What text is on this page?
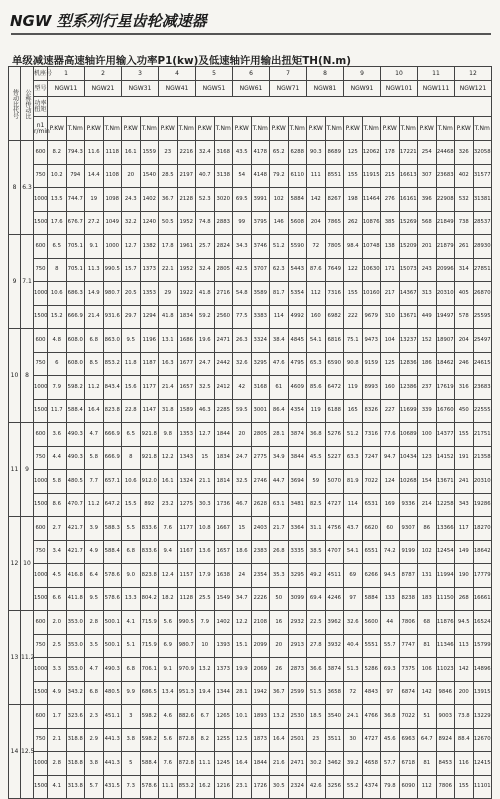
NGW 型系列行星齿轮减速器
单级减速器高速轴许用输入功率P1(kw)及低速轴许用输出扭矩TH(N.m)
传动比代号	公称传动比	机座号	1		2		3		4		5		6		7		8		9		10		11		12	
		型号	NGW11		NGW21		NGW31		NGW41		NGW51		NGW61		NGW71		NGW81		NGW91		NGW101		NGW111		NGW121	

		功率
扭矩																								

		n1
r/min	P.KW	T.Nm	P.KW	T.Nm	P.KW	T.Nm	P.KW	T.Nm	P.KW	T.Nm	P.KW	T.Nm	P.KW	T.Nm	P.KW	T.Nm	P.KW	T.Nm	P.KW	T.Nm	P.KW	T.Nm	P.KW	T.Nm
8	6.3	600	8.2	794.3	11.6	1118	16.1	1559	23	2216	32.4	3168	43.5	4178	65.2	6288	90.3	8689	125	12062	178	17221	254	24468	326	32058
		750	10.2	794	14.4	1108	20	1540	28.5	2197	40.7	3138	54	4148	79.2	6110	111	8551	155	11915	215	16613	307	23683	402	31577
		1000	13.5	744.7	19	1098	24.3	1402	36.7	2128	52.3	3020	69.5	3991	102	5884	142	8267	198	11464	276	16161	396	22908	532	31381
		1500	17.6	676.7	27.2	1049	32.2	1240	50.5	1952	74.8	2883	99	3795	146	5608	204	7865	262	10876	385	15269	568	21849	738	28537
9	7.1	600	6.5	705.1	9.1	1000	12.7	1382	17.8	1961	25.7	2824	34.3	3746	51.2	5590	72	7805	98.4	10748	138	15209	201	21879	261	28930
		750	8	705.1	11.3	990.5	15.7	1373	22.1	1952	32.4	2805	42.5	3707	62.3	5443	87.6	7649	122	10630	171	15073	243	20996	314	27851
		1000	10.6	686.3	14.9	980.7	20.5	1353	29	1922	41.8	2716	54.8	3589	81.7	5354	112	7316	155	10160	217	14367	313	20310	405	26870
		1500	15.2	666.9	21.4	931.6	29.7	1294	41.8	1834	59.2	2560	77.5	3383	114	4992	160	6982	222	9679	310	13671	449	19497	578	25595
10	8	600	4.8	608.0	6.8	863.0	9.5	1196	13.1	1686	19.6	2471	26.3	3324	38.4	4845	54.1	6816	75.1	9473	104	13237	152	18907	204	25497
		750	6	608.0	8.5	853.2	11.8	1187	16.3	1677	24.7	2442	32.6	3295	47.6	4795	65.3	6590	90.8	9159	125	12836	186	18462	246	24615
		1000	7.9	598.2	11.2	843.4	15.6	1177	21.4	1657	32.5	2412	42	3168	61	4609	85.6	6472	119	8993	160	12386	237	17619	316	23683
		1500	11.7	588.4	16.4	823.8	22.8	1147	31.8	1589	46.3	2285	59.5	3001	86.4	4354	119	6188	165	8326	227	11699	339	16760	450	22555
11	9	600	3.6	490.3	4.7	666.9	6.5	921.8	9.8	1353	12.7	1844	20	2805	28.1	3874	36.8	5276	51.2	7316	77.6	10689	100	14377	155	21751
		750	4.4	490.3	5.8	666.9	8	921.8	12.2	1343	15	1834	24.7	2775	34.9	3844	45.5	5227	63.3	7247	94.7	10434	123	14152	191	21358
		1000	5.8	480.5	7.7	657.1	10.6	912.0	16.1	1324	21.1	1814	32.5	2746	44.7	3694	59	5070	81.9	7022	124	10268	154	13671	241	20310
		1500	8.6	470.7	11.2	647.2	15.5	892	23.2	1275	30.3	1736	46.7	2628	63.1	3481	82.5	4727	114	6531	169	9336	214	12258	343	19286
12	10	600	2.7	421.7	3.9	588.3	5.5	833.6	7.6	1177	10.8	1667	15	2403	21.7	3364	31.1	4756	43.7	6620	60	9307	86	13366	117	18270
		750	3.4	421.7	4.9	588.4	6.8	833.6	9.4	1167	13.6	1657	18.6	2383	26.8	3335	38.5	4707	54.1	6551	74.2	9199	102	12454	149	18642
		1000	4.5	416.8	6.4	578.6	9.0	823.8	12.4	1157	17.9	1638	24	2354	35.3	3295	49.2	4511	69	6266	94.5	8787	131	11994	190	17779
		1500	6.6	411.8	9.5	578.6	13.3	804.2	18.2	1128	25.5	1549	34.7	2226	50	3099	69.4	4246	97	5884	133	8238	183	11150	268	16661
13	11.2	600	2.0	353.0	2.8	500.1	4.1	715.9	5.6	990.5	7.9	1402	12.2	2108	16	2932	22.5	3962	32.6	5600	44	7806	68	11876	94.5	16524
		750	2.5	353.0	3.5	500.1	5.1	715.9	6.9	980.7	10	1393	15.1	2099	20	2913	27.8	3932	40.4	5551	55.7	7747	81	11346	113	15799
		1000	3.3	353.0	4.7	490.3	6.8	706.1	9.1	970.9	13.2	1373	19.9	2069	26	2873	36.6	3874	51.3	5286	69.3	7375	106	11023	142	14896
		1500	4.9	343.2	6.8	480.5	9.9	686.5	13.4	951.3	19.4	1344	28.1	1942	36.7	2599	51.5	3658	72	4843	97	6874	142	9846	200	13915
14	12.5	600	1.7	323.6	2.3	451.1	3	598.2	4.6	882.6	6.7	1265	10.1	1893	13.2	2530	18.5	3540	24.1	4766	36.8	7022	51	9003	73.8	13229
		750	2.1	318.8	2.9	441.3	3.8	598.2	5.6	872.8	8.2	1255	12.5	1873	16.4	2501	23	3511	30	4727	45.6	6963	64.7	8924	88.4	12670
		1000	2.8	318.8	3.8	441.3	5	588.4	7.6	872.8	11.1	1245	16.4	1844	21.6	2471	30.2	3462	39.2	4658	57.7	6718	81	8453	116	12415
		1500	4.1	313.8	5.7	431.5	7.3	578.6	11.1	853.2	16.2	1216	23.1	1726	30.5	2324	42.6	3256	55.2	4374	79.8	6090	112	7806	155	11101
